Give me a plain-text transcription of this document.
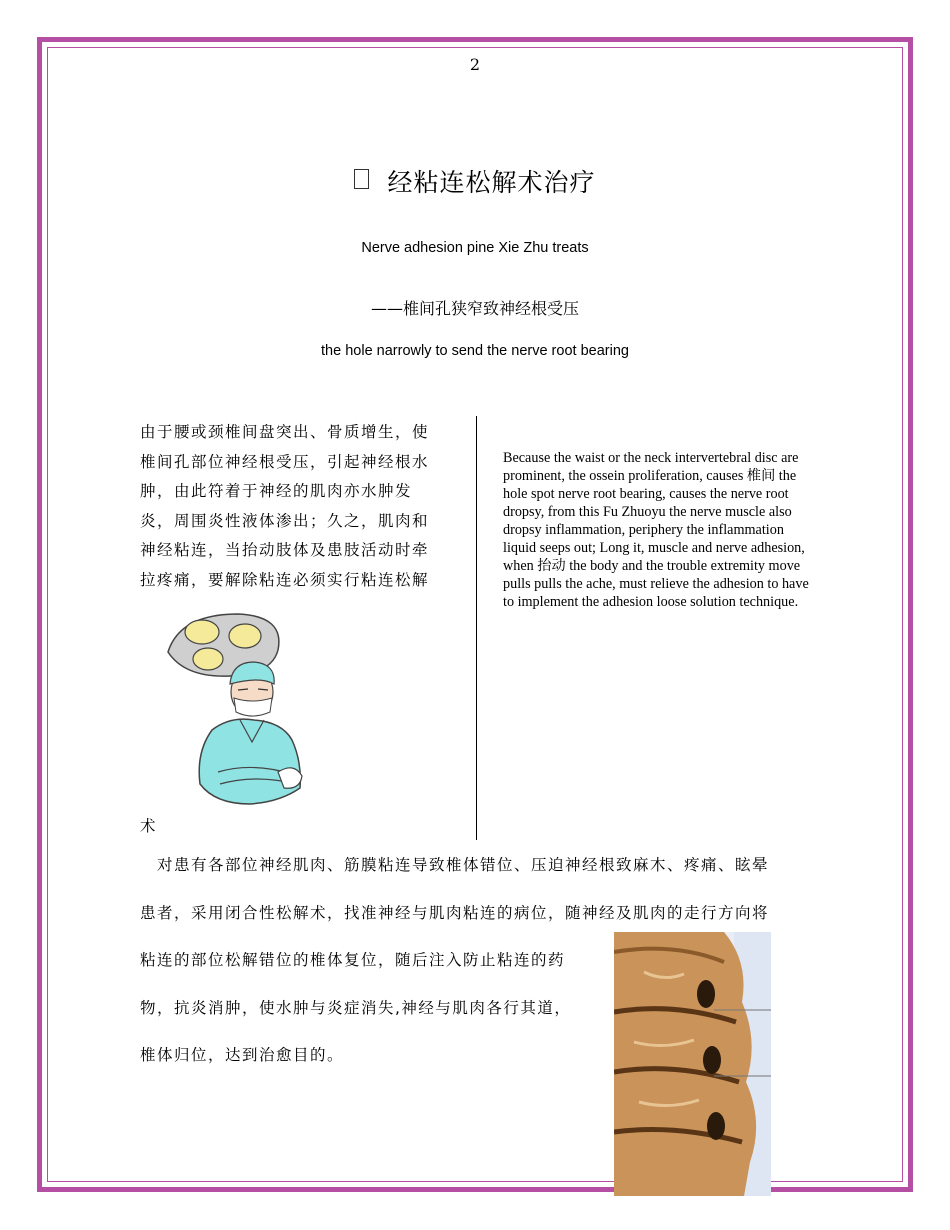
2
经粘连松解术治疗
Nerve adhesion pine Xie Zhu treats
——椎间孔狭窄致神经根受压
the hole narrowly to send the nerve root bearing
由于腰或颈椎间盘突出、骨质增生，使
椎间孔部位神经根受压，引起神经根水
肿，由此符着于神经的肌肉亦水肿发
炎，周围炎性液体渗出；久之，肌肉和
神经粘连，当抬动肢体及患肢活动时牵
拉疼痛，要解除粘连必须实行粘连松解
Because the waist or the neck intervertebral disc are prominent, the ossein proliferation, causes 椎间 the hole spot nerve root bearing, causes the nerve root dropsy, from this Fu Zhuoyu the nerve muscle also dropsy inflammation, periphery the inflammation liquid seeps out; Long it, muscle and nerve adhesion, when 抬动 the body and the trouble extremity move pulls pulls the ache, must relieve the adhesion to have to implement the adhesion loose solution technique.
术
　对患有各部位神经肌肉、筋膜粘连导致椎体错位、压迫神经根致麻木、疼痛、眩晕
患者，采用闭合性松解术，找准神经与肌肉粘连的病位，随神经及肌肉的走行方向将
粘连的部位松解错位的椎体复位，随后注入防止粘连的药
物，抗炎消肿，使水肿与炎症消失,神经与肌肉各行其道，
椎体归位，达到治愈目的。
